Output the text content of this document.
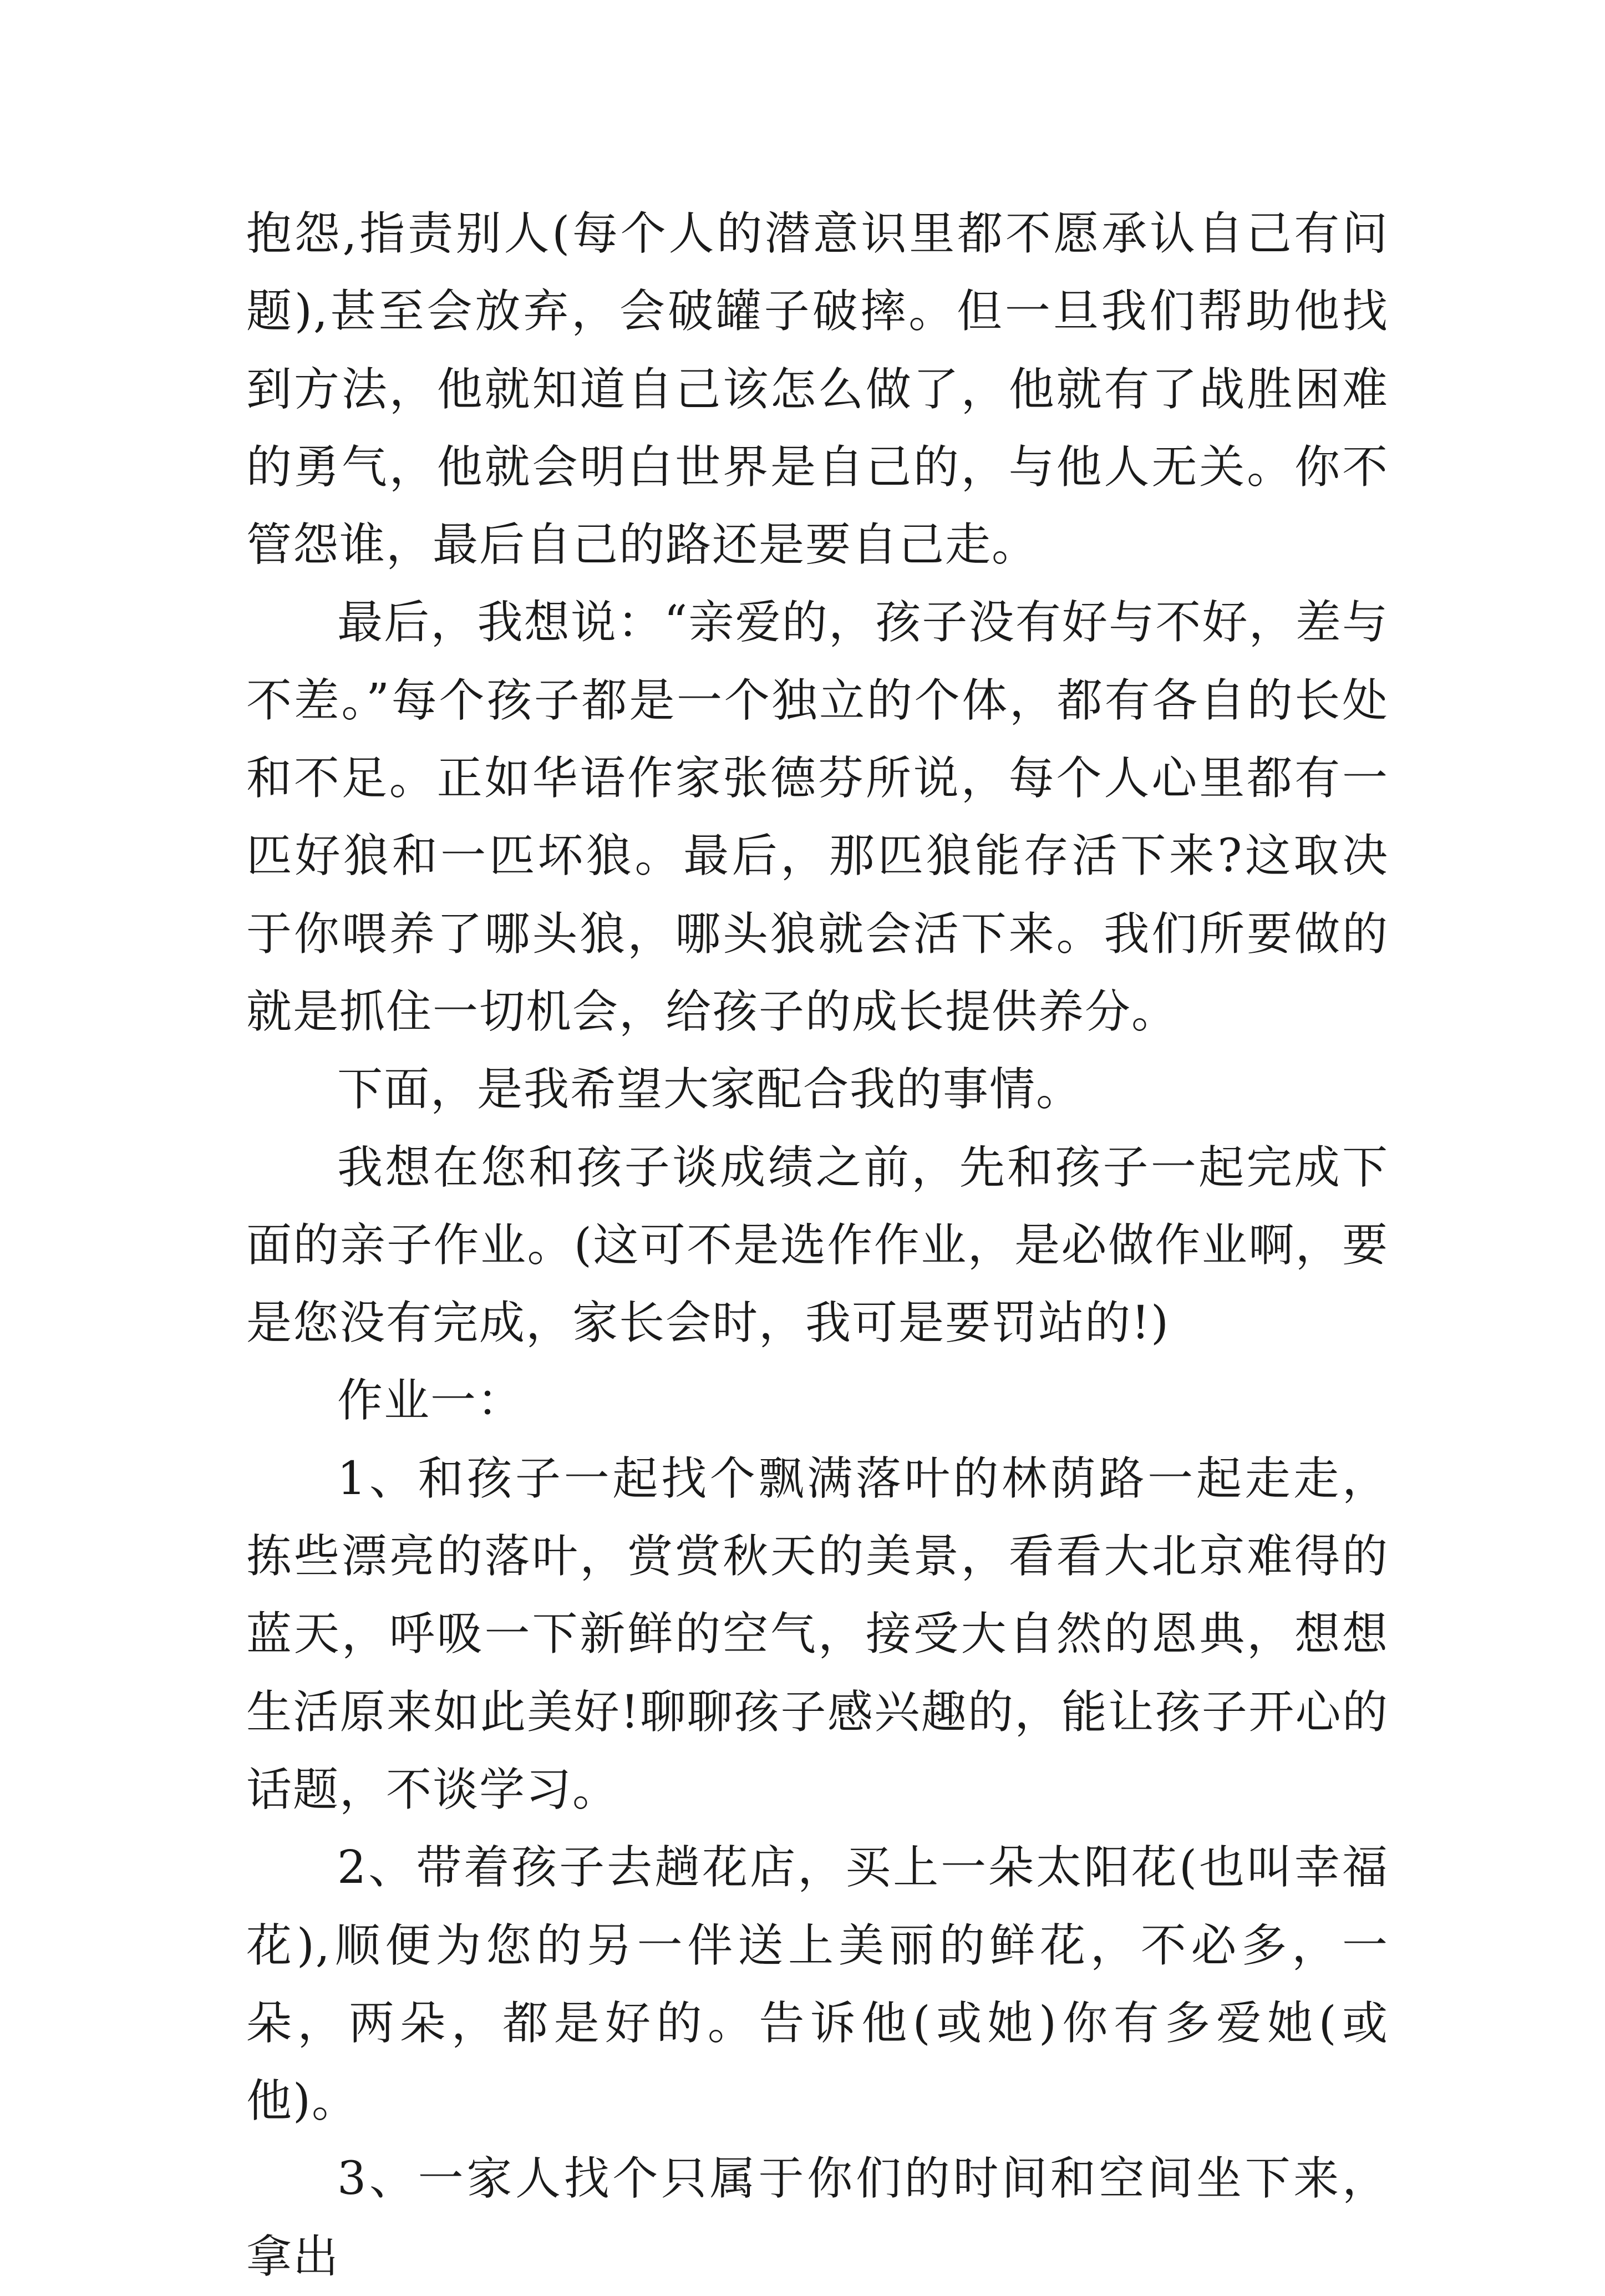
抱怨,指责别人(每个人的潜意识里都不愿承认自己有问题),甚至会放弃，会破罐子破摔。但一旦我们帮助他找到方法，他就知道自己该怎么做了，他就有了战胜困难的勇气，他就会明白世界是自己的，与他人无关。你不管怨谁，最后自己的路还是要自己走。

最后，我想说：“亲爱的，孩子没有好与不好，差与不差。”每个孩子都是一个独立的个体，都有各自的长处和不足。正如华语作家张德芬所说，每个人心里都有一匹好狼和一匹坏狼。最后，那匹狼能存活下来?这取决于你喂养了哪头狼，哪头狼就会活下来。我们所要做的就是抓住一切机会，给孩子的成长提供养分。

下面，是我希望大家配合我的事情。

我想在您和孩子谈成绩之前，先和孩子一起完成下面的亲子作业。(这可不是选作作业，是必做作业啊，要是您没有完成，家长会时，我可是要罚站的!)

作业一：

1、和孩子一起找个飘满落叶的林荫路一起走走，拣些漂亮的落叶，赏赏秋天的美景，看看大北京难得的蓝天，呼吸一下新鲜的空气，接受大自然的恩典，想想生活原来如此美好!聊聊孩子感兴趣的，能让孩子开心的话题，不谈学习。

2、带着孩子去趟花店，买上一朵太阳花(也叫幸福花),顺便为您的另一伴送上美丽的鲜花，不必多，一朵，两朵，都是好的。告诉他(或她)你有多爱她(或他)。

3、一家人找个只属于你们的时间和空间坐下来，拿出
